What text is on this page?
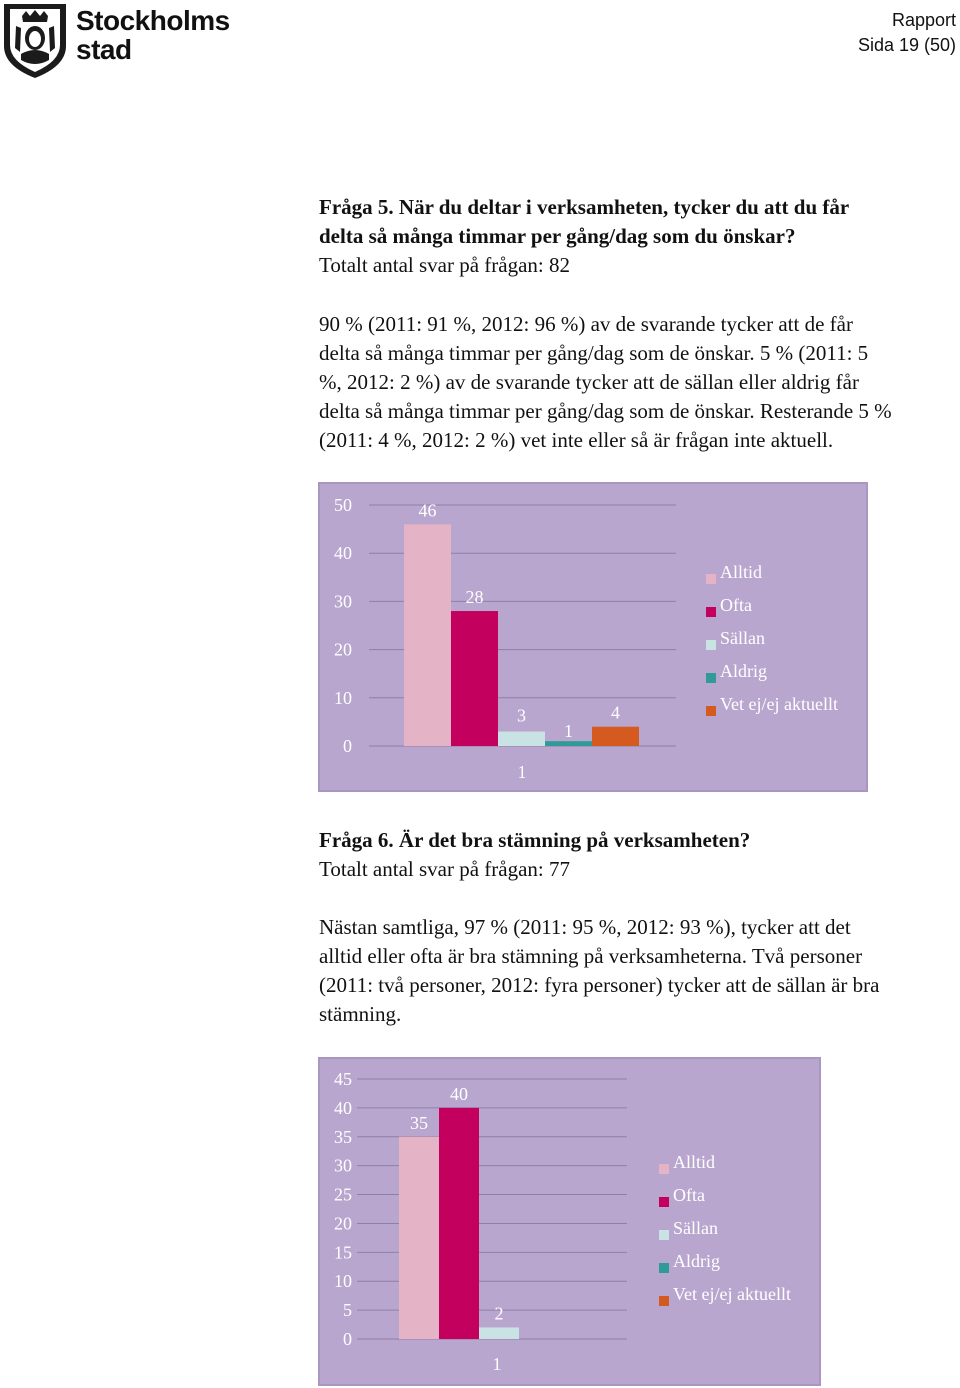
Stockholms
stad
Rapport
Sida 19 (50)

Fråga 5. När du deltar i verksamheten, tycker du att du får

delta så många timmar per gång/dag som du önskar?

Totalt antal svar på frågan: 82

90 % (2011: 91 %, 2012: 96 %) av de svarande tycker att de får

delta så många timmar per gång/dag som de önskar. 5 % (2011: 5

%, 2012: 2 %) av de svarande tycker att de sällan eller aldrig får

delta så många timmar per gång/dag som de önskar. Resterande 5 %

(2011: 4 %, 2012: 2 %) vet inte eller så är frågan inte aktuell.

0
10
20
30
40
50	46
28
3
1
4
1
Alltid
Ofta
Sällan
Aldrig
Vet ej/ej aktuellt

Fråga 6. Är det bra stämning på verksamheten?

Totalt antal svar på frågan: 77

Nästan samtliga, 97 % (2011: 95 %, 2012: 93 %), tycker att det

alltid eller ofta är bra stämning på verksamheterna. Två personer

(2011: två personer, 2012: fyra personer) tycker att de sällan är bra

stämning.

0
5
10
15
20
25
30
35
40
45
35
40
2
1
Alltid
Ofta
Sällan
Aldrig
Vet ej/ej aktuellt
